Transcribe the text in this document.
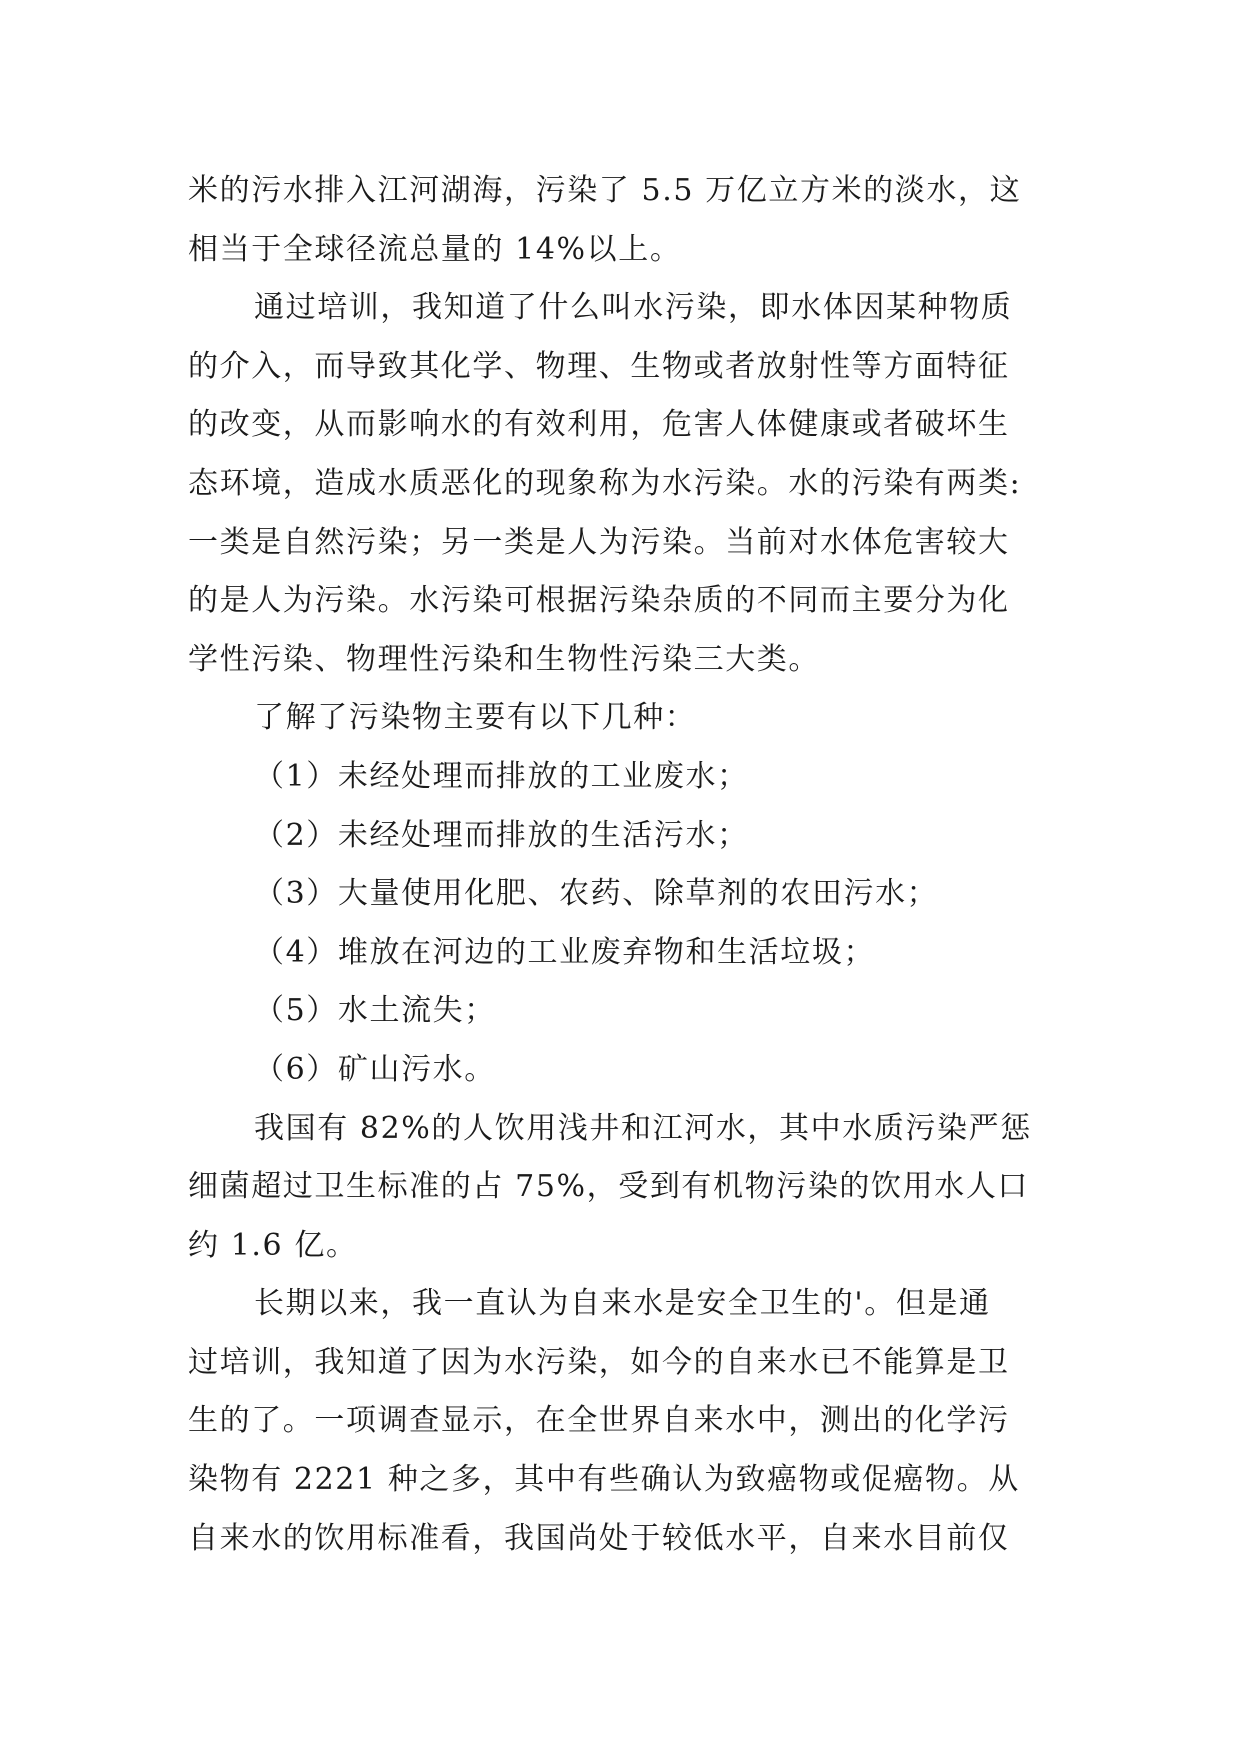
米的污水排入江河湖海，污染了 5.5 万亿立方米的淡水，这
相当于全球径流总量的 14%以上。
通过培训，我知道了什么叫水污染，即水体因某种物质
的介入，而导致其化学、物理、生物或者放射性等方面特征
的改变，从而影响水的有效利用，危害人体健康或者破坏生
态环境，造成水质恶化的现象称为水污染。水的污染有两类:
一类是自然污染；另一类是人为污染。当前对水体危害较大
的是人为污染。水污染可根据污染杂质的不同而主要分为化
学性污染、物理性污染和生物性污染三大类。
了解了污染物主要有以下几种：
（1）未经处理而排放的工业废水；
（2）未经处理而排放的生活污水；
（3）大量使用化肥、农药、除草剂的农田污水；
（4）堆放在河边的工业废弃物和生活垃圾；
（5）水土流失；
（6）矿山污水。
我国有 82%的人饮用浅井和江河水，其中水质污染严惩
细菌超过卫生标准的占 75%，受到有机物污染的饮用水人口
约 1.6 亿。
长期以来，我一直认为自来水是安全卫生的'。但是通
过培训，我知道了因为水污染，如今的自来水已不能算是卫
生的了。一项调查显示，在全世界自来水中，测出的化学污
染物有 2221 种之多，其中有些确认为致癌物或促癌物。从
自来水的饮用标准看，我国尚处于较低水平，自来水目前仅
